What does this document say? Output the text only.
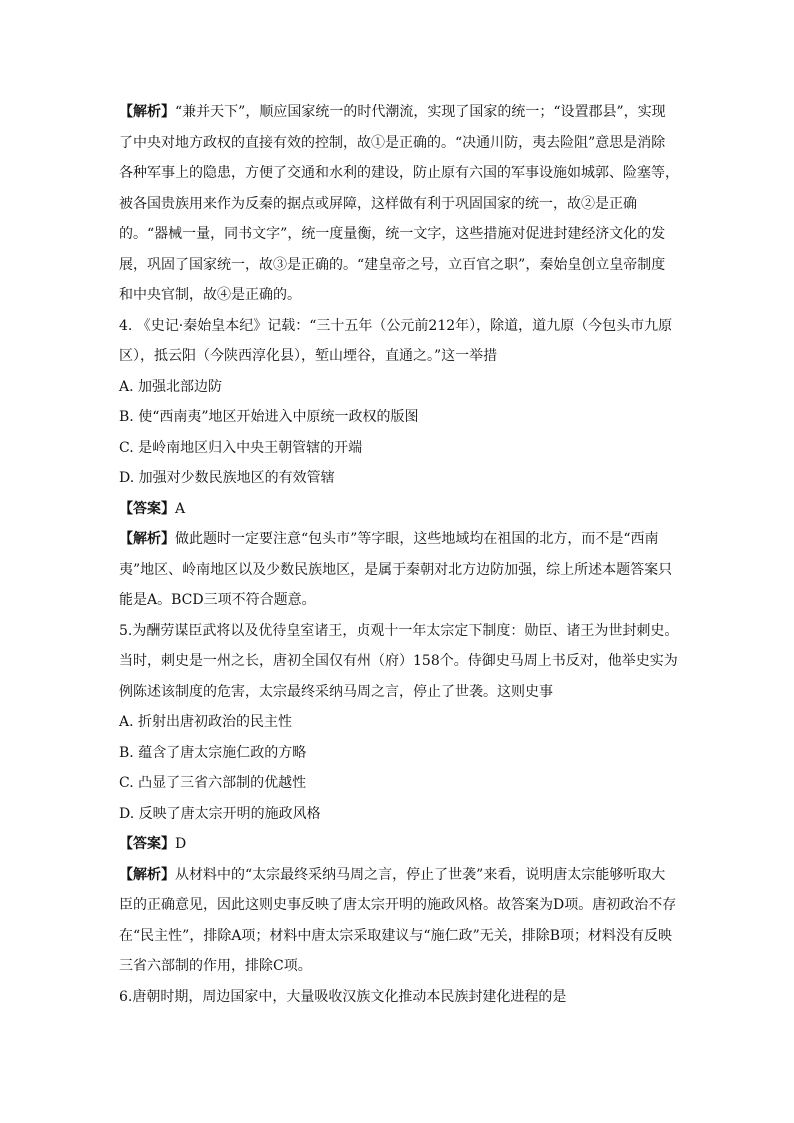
【解析】“兼并天下”，顺应国家统一的时代潮流，实现了国家的统一；“设置郡县”，实现了中央对地方政权的直接有效的控制，故①是正确的。“决通川防，夷去险阻”意思是消除各种军事上的隐患，方便了交通和水利的建设，防止原有六国的军事设施如城郭、险塞等，被各国贵族用来作为反秦的据点或屏障，这样做有利于巩固国家的统一，故②是正确的。“器械一量，同书文字”，统一度量衡，统一文字，这些措施对促进封建经济文化的发展，巩固了国家统一，故③是正确的。“建皇帝之号，立百官之职”，秦始皇创立皇帝制度和中央官制，故④是正确的。

4. 《史记·秦始皇本纪》记载：“三十五年（公元前212年），除道，道九原（今包头市九原区），抵云阳（今陕西淳化县），堑山堙谷，直通之。”这一举措

A. 加强北部边防

B. 使“西南夷”地区开始进入中原统一政权的版图

C. 是岭南地区归入中央王朝管辖的开端

D. 加强对少数民族地区的有效管辖

【答案】A

【解析】做此题时一定要注意“包头市”等字眼，这些地域均在祖国的北方，而不是“西南夷”地区、岭南地区以及少数民族地区，是属于秦朝对北方边防加强，综上所述本题答案只能是A。BCD三项不符合题意。

5.为酬劳谋臣武将以及优待皇室诸王，贞观十一年太宗定下制度：勋臣、诸王为世封刺史。当时，刺史是一州之长，唐初全国仅有州（府）158个。侍御史马周上书反对，他举史实为例陈述该制度的危害，太宗最终采纳马周之言，停止了世袭。这则史事

A. 折射出唐初政治的民主性

B. 蕴含了唐太宗施仁政的方略

C. 凸显了三省六部制的优越性

D. 反映了唐太宗开明的施政风格

【答案】D

【解析】从材料中的“太宗最终采纳马周之言，停止了世袭”来看，说明唐太宗能够听取大臣的正确意见，因此这则史事反映了唐太宗开明的施政风格。故答案为D项。唐初政治不存在“民主性”，排除A项；材料中唐太宗采取建议与“施仁政”无关，排除B项；材料没有反映三省六部制的作用，排除C项。

6.唐朝时期，周边国家中，大量吸收汉族文化推动本民族封建化进程的是
